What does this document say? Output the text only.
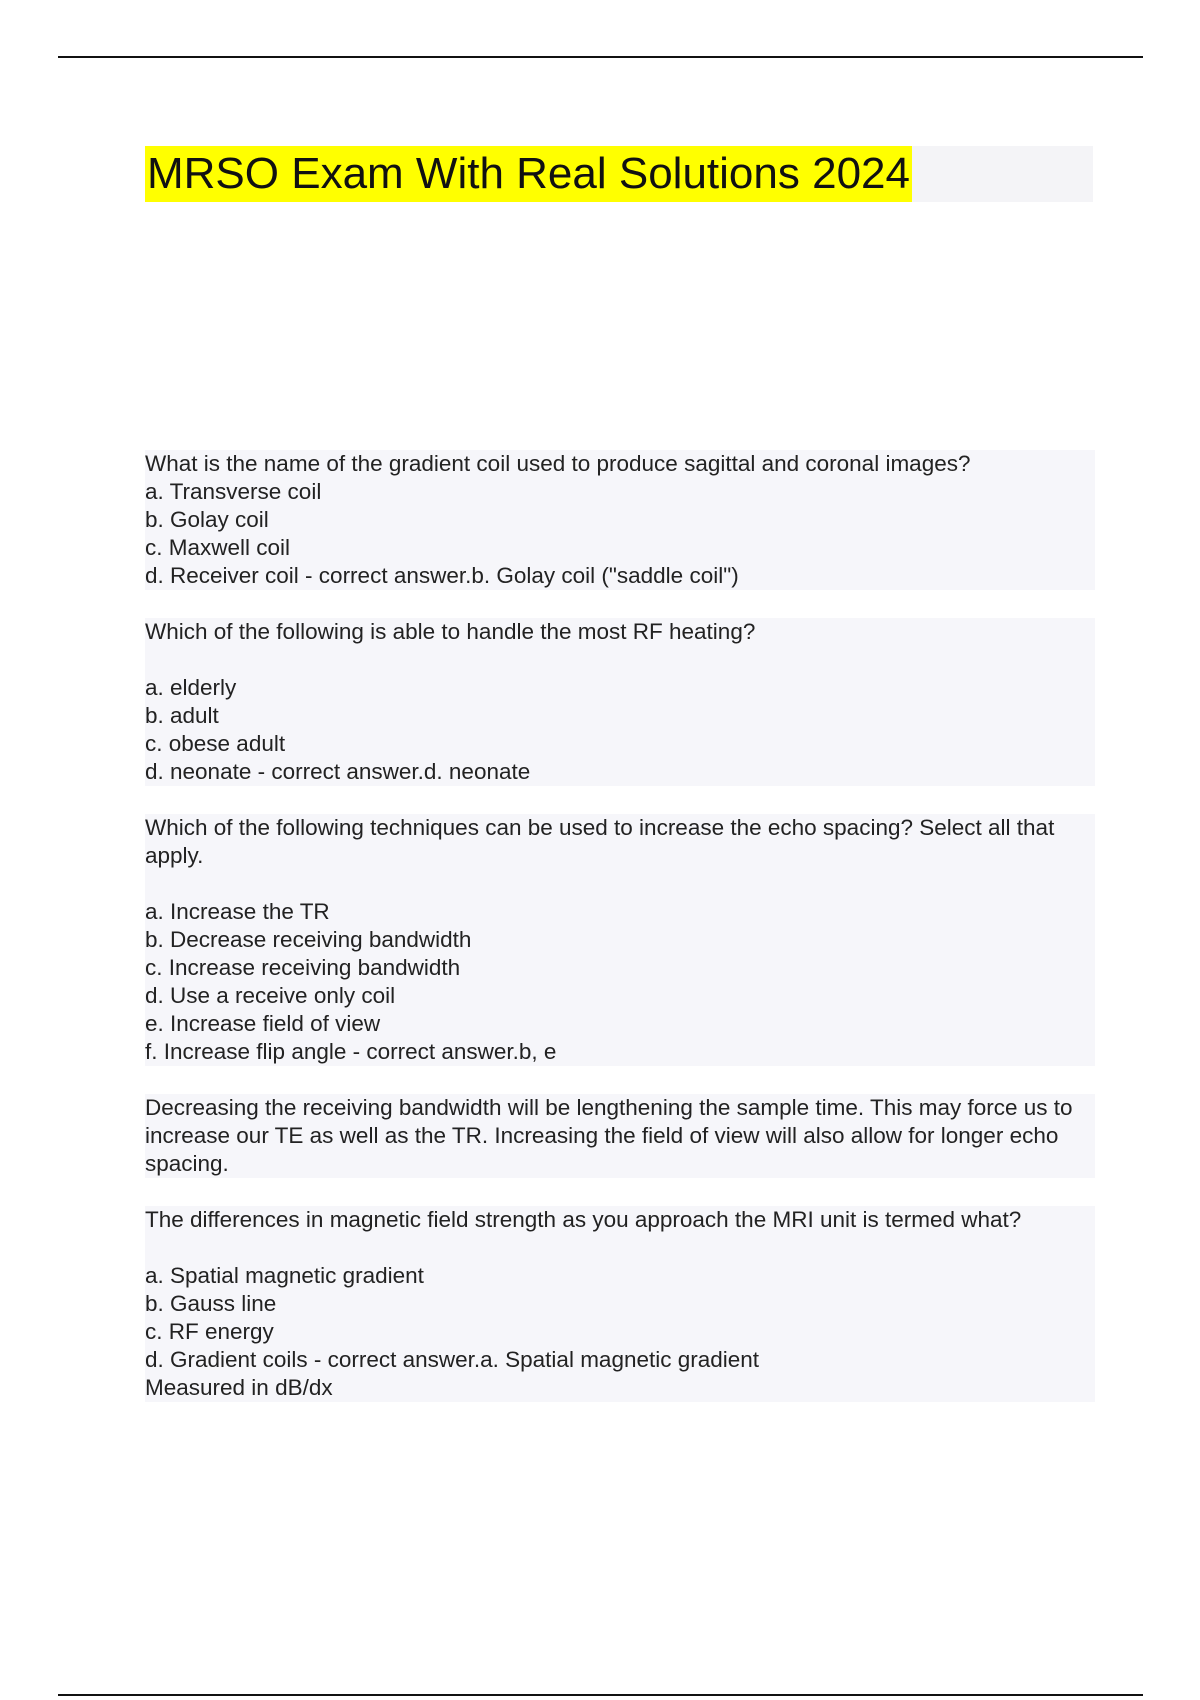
MRSO Exam With Real Solutions 2024
What is the name of the gradient coil used to produce sagittal and coronal images?
a. Transverse coil
b. Golay coil
c. Maxwell coil
d. Receiver coil - correct answer.b. Golay coil ("saddle coil")
Which of the following is able to handle the most RF heating?
a. elderly
b. adult
c. obese adult
d. neonate - correct answer.d. neonate
Which of the following techniques can be used to increase the echo spacing? Select all that apply.
a. Increase the TR
b. Decrease receiving bandwidth
c. Increase receiving bandwidth
d. Use a receive only coil
e. Increase field of view
f. Increase flip angle - correct answer.b, e
Decreasing the receiving bandwidth will be lengthening the sample time. This may force us to increase our TE as well as the TR. Increasing the field of view will also allow for longer echo spacing.
The differences in magnetic field strength as you approach the MRI unit is termed what?
a. Spatial magnetic gradient
b. Gauss line
c. RF energy
d. Gradient coils - correct answer.a. Spatial magnetic gradient
Measured in dB/dx
